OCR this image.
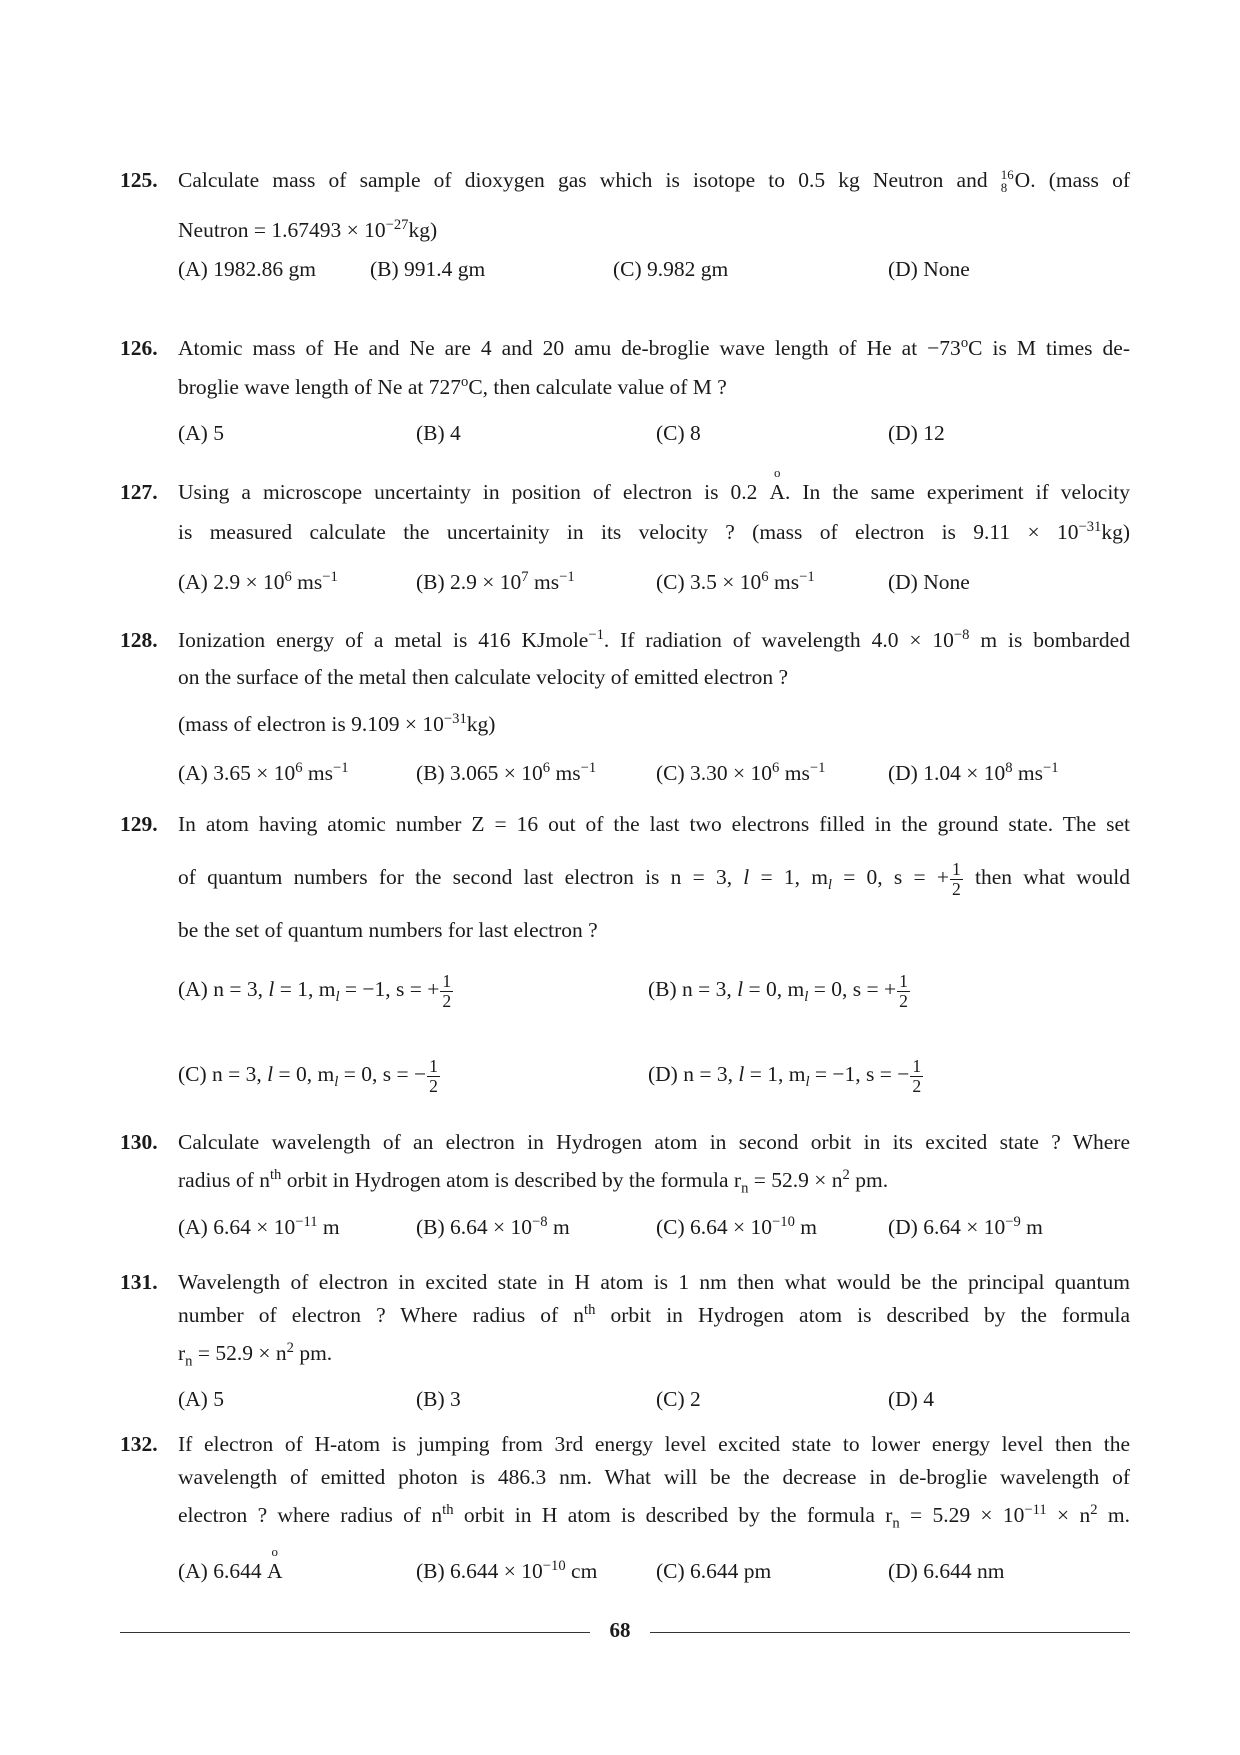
125. Calculate mass of sample of dioxygen gas which is isotope to 0.5 kg Neutron and 16
8 O. (mass of
Neutron = $1.67493 \times 10^{-27}kg$)
(A) 1982.86 gm	(B) 991.4 gm	(C) 9.982 gm	(D) None
126. Atomic mass of He and Ne are 4 and 20 amu de-broglie wave length of He at $-73^oC$ is M times de-
broglie wave length of Ne at 727$^o$C, then calculate value of M ?
(A) 5	(B) 4	(C) 8	(D) 12
127. Using a microscope uncertainty in position of electron is 0.2
o
A. In the same experiment if velocity
is measured calculate the uncertainity in its velocity ? (mass of electron is $9.11 \times 10^{-31}kg$)
(A) $2.9 \times 10^6$ $ms^{-1}$	(B) $2.9 \times 10^7$ $ms^{-1}$	(C) $3.5 \times 10^6$ $ms^{-1}$	(D) None
128. Ionization energy of a metal is 416 KJmole$^{-1}$. If radiation of wavelength $4.0 \times 10^{-8}$ m is bombarded
on the surface of the metal then calculate velocity of emitted electron ?
(mass of electron is $9.109 \times 10^{-31}kg$)
(A) $3.65 \times 10^6$ $ms^{-1}$	(B) $3.065 \times 10^6$ $ms^{-1}$	(C) $3.30 \times 10^6$ $ms^{-1}$	(D) $1.04 \times 10^8$ $ms^{-1}$
129. In atom having atomic number Z = 16 out of the last two electrons filled in the ground state. The set
of quantum numbers for the second last electron is n = 3, l = 1, $m_l = 0$, s = + $\frac{1}{2}$ then what would
be the set of quantum numbers for last electron ?
(A) n = 3, l = 1, $m_l = -1$, s = + $\frac{1}{2}$	(B) n = 3, l = 0, $m_l = 0$, s = + $\frac{1}{2}$
(C) n = 3, l = 0, $m_l = 0$, s = − $\frac{1}{2}$	(D) n = 3, l = 1, $m_l = -1$, s = − $\frac{1}{2}$
130. Calculate wavelength of an electron in Hydrogen atom in second orbit in its excited state ? Where
radius of $n^{th}$ orbit in Hydrogen atom is described by the formula $r_n = 52.9 \times n^2$ pm.
(A) $6.64 \times 10^{-11}$ m	(B) $6.64 \times 10^{-8}$ m	(C) $6.64 \times 10^{-10}$ m	(D) $6.64 \times 10^{-9}$ m
131. Wavelength of electron in excited state in H atom is 1 nm then what would be the principal quantum
number of electron ? Where radius of $n^{th}$ orbit in Hydrogen atom is described by the formula
$r_n = 52.9 \times n^2$ pm.
(A) 5	(B) 3	(C) 2	(D) 4
132. If electron of H-atom is jumping from 3rd energy level excited state to lower energy level then the
wavelength of emitted photon is 486.3 nm. What will be the decrease in de-broglie wavelength of
electron ? where radius of $n^{th}$ orbit in H atom is described by the formula $r_n = 5.29 \times 10^{-11} \times n^2$ m.
(A) 6.644
o
A	(B) $6.644 \times 10^{-10}$ cm	(C) 6.644 pm	(D) 6.644 nm
68
